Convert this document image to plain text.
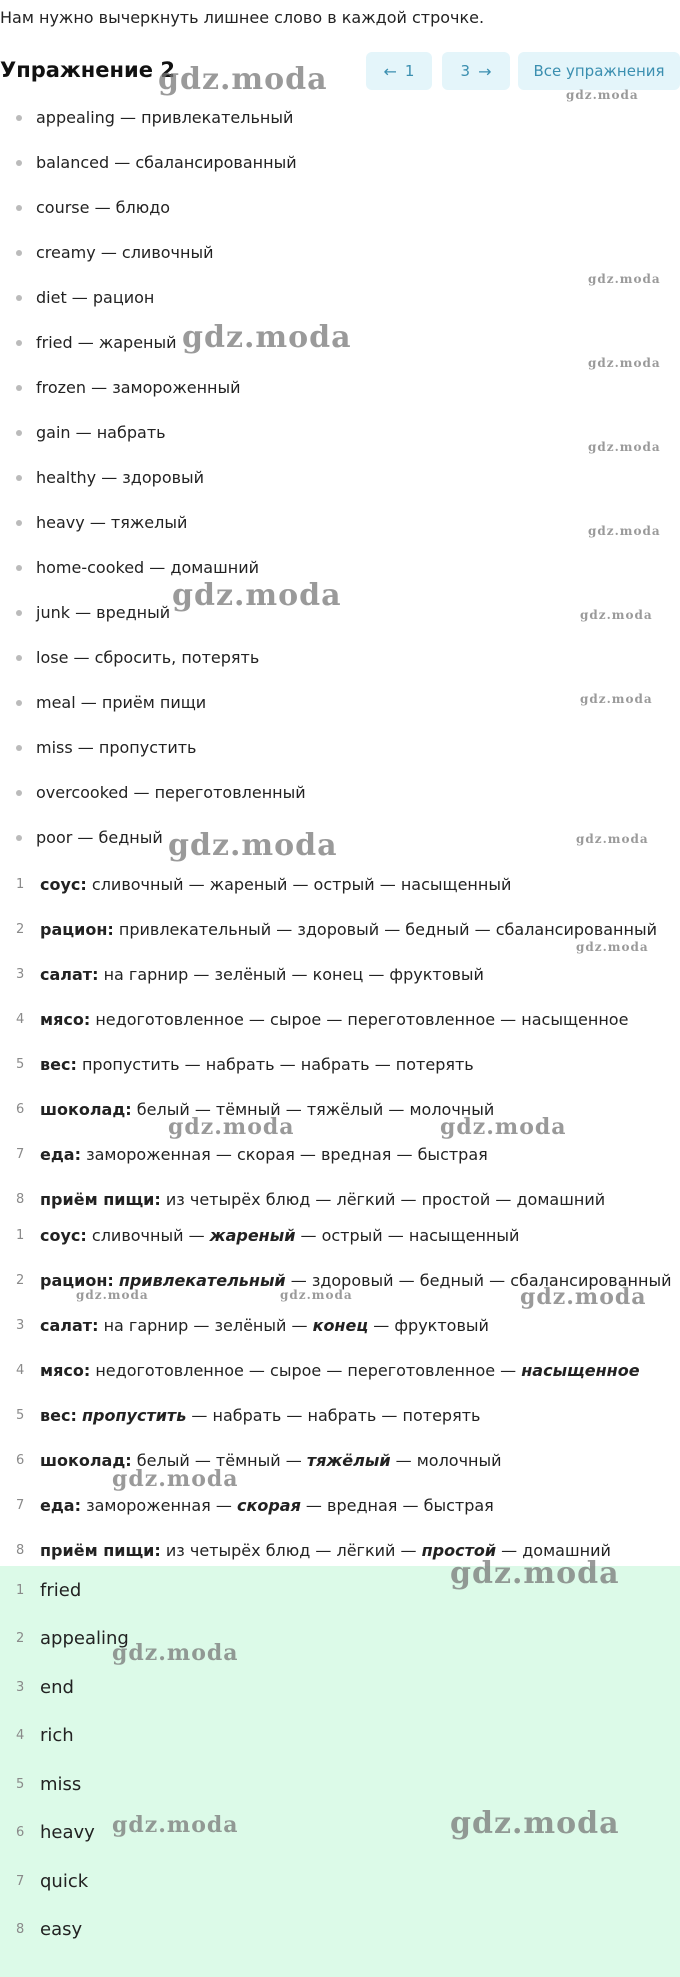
Нам нужно вычеркнуть лишнее слово в каждой строчке.
Упражнение 2	← 1	3 →	Все упражнения
appealing — привлекательный
balanced — сбалансированный
course — блюдо
creamy — сливочный
diet — рацион
fried — жареный
frozen — замороженный
gain — набрать
healthy — здоровый
heavy — тяжелый
home-cooked — домашний
junk — вредный
lose — сбросить, потерять
meal — приём пищи
miss — пропустить
overcooked — переготовленный
poor — бедный
1 соус :
сливочный — жареный — острый — насыщенный
2 рацион :
привлекательный — здоровый — бедный — сбалансированный
3 салат :
на гарнир — зелёный — конец — фруктовый
4 мясо :
недоготовленное — сырое — переготовленное — насыщенное
5 вес :
пропустить — набрать — набрать — потерять
6 шоколад :
белый — тёмный — тяжёлый — молочный
7 еда :
замороженная — скорая — вредная — быстрая
8 приём пищи :
из четырёх блюд — лёгкий — простой — домашний
1 соус :
сливочный — жареный — острый — насыщенный
2 рацион :
привлекательный — здоровый — бедный — сбалансированный
3 салат :
на гарнир — зелёный — конец — фруктовый
4 мясо :
недоготовленное — сырое — переготовленное — насыщенное
5 вес :
пропустить — набрать — набрать — потерять
6 шоколад :
белый — тёмный — тяжёлый — молочный
7 еда :
замороженная — скорая — вредная — быстрая
8 приём пищи :
из четырёх блюд — лёгкий — простой — домашний
1 fried
2 appealing
3 end
4 rich
5 miss
6 heavy
7 quick
8 easy
gdz.moda	gdz.moda
gdz.moda
gdz.moda
gdz.moda
gdz.moda
gdz.moda
gdz.moda
gdz.moda
gdz.moda
gdz.moda	gdz.moda
gdz.moda
gdz.moda	gdz.moda
gdz.moda	gdz.moda	gdz.moda
gdz.moda
gdz.moda
gdz.moda
gdz.moda	gdz.moda
